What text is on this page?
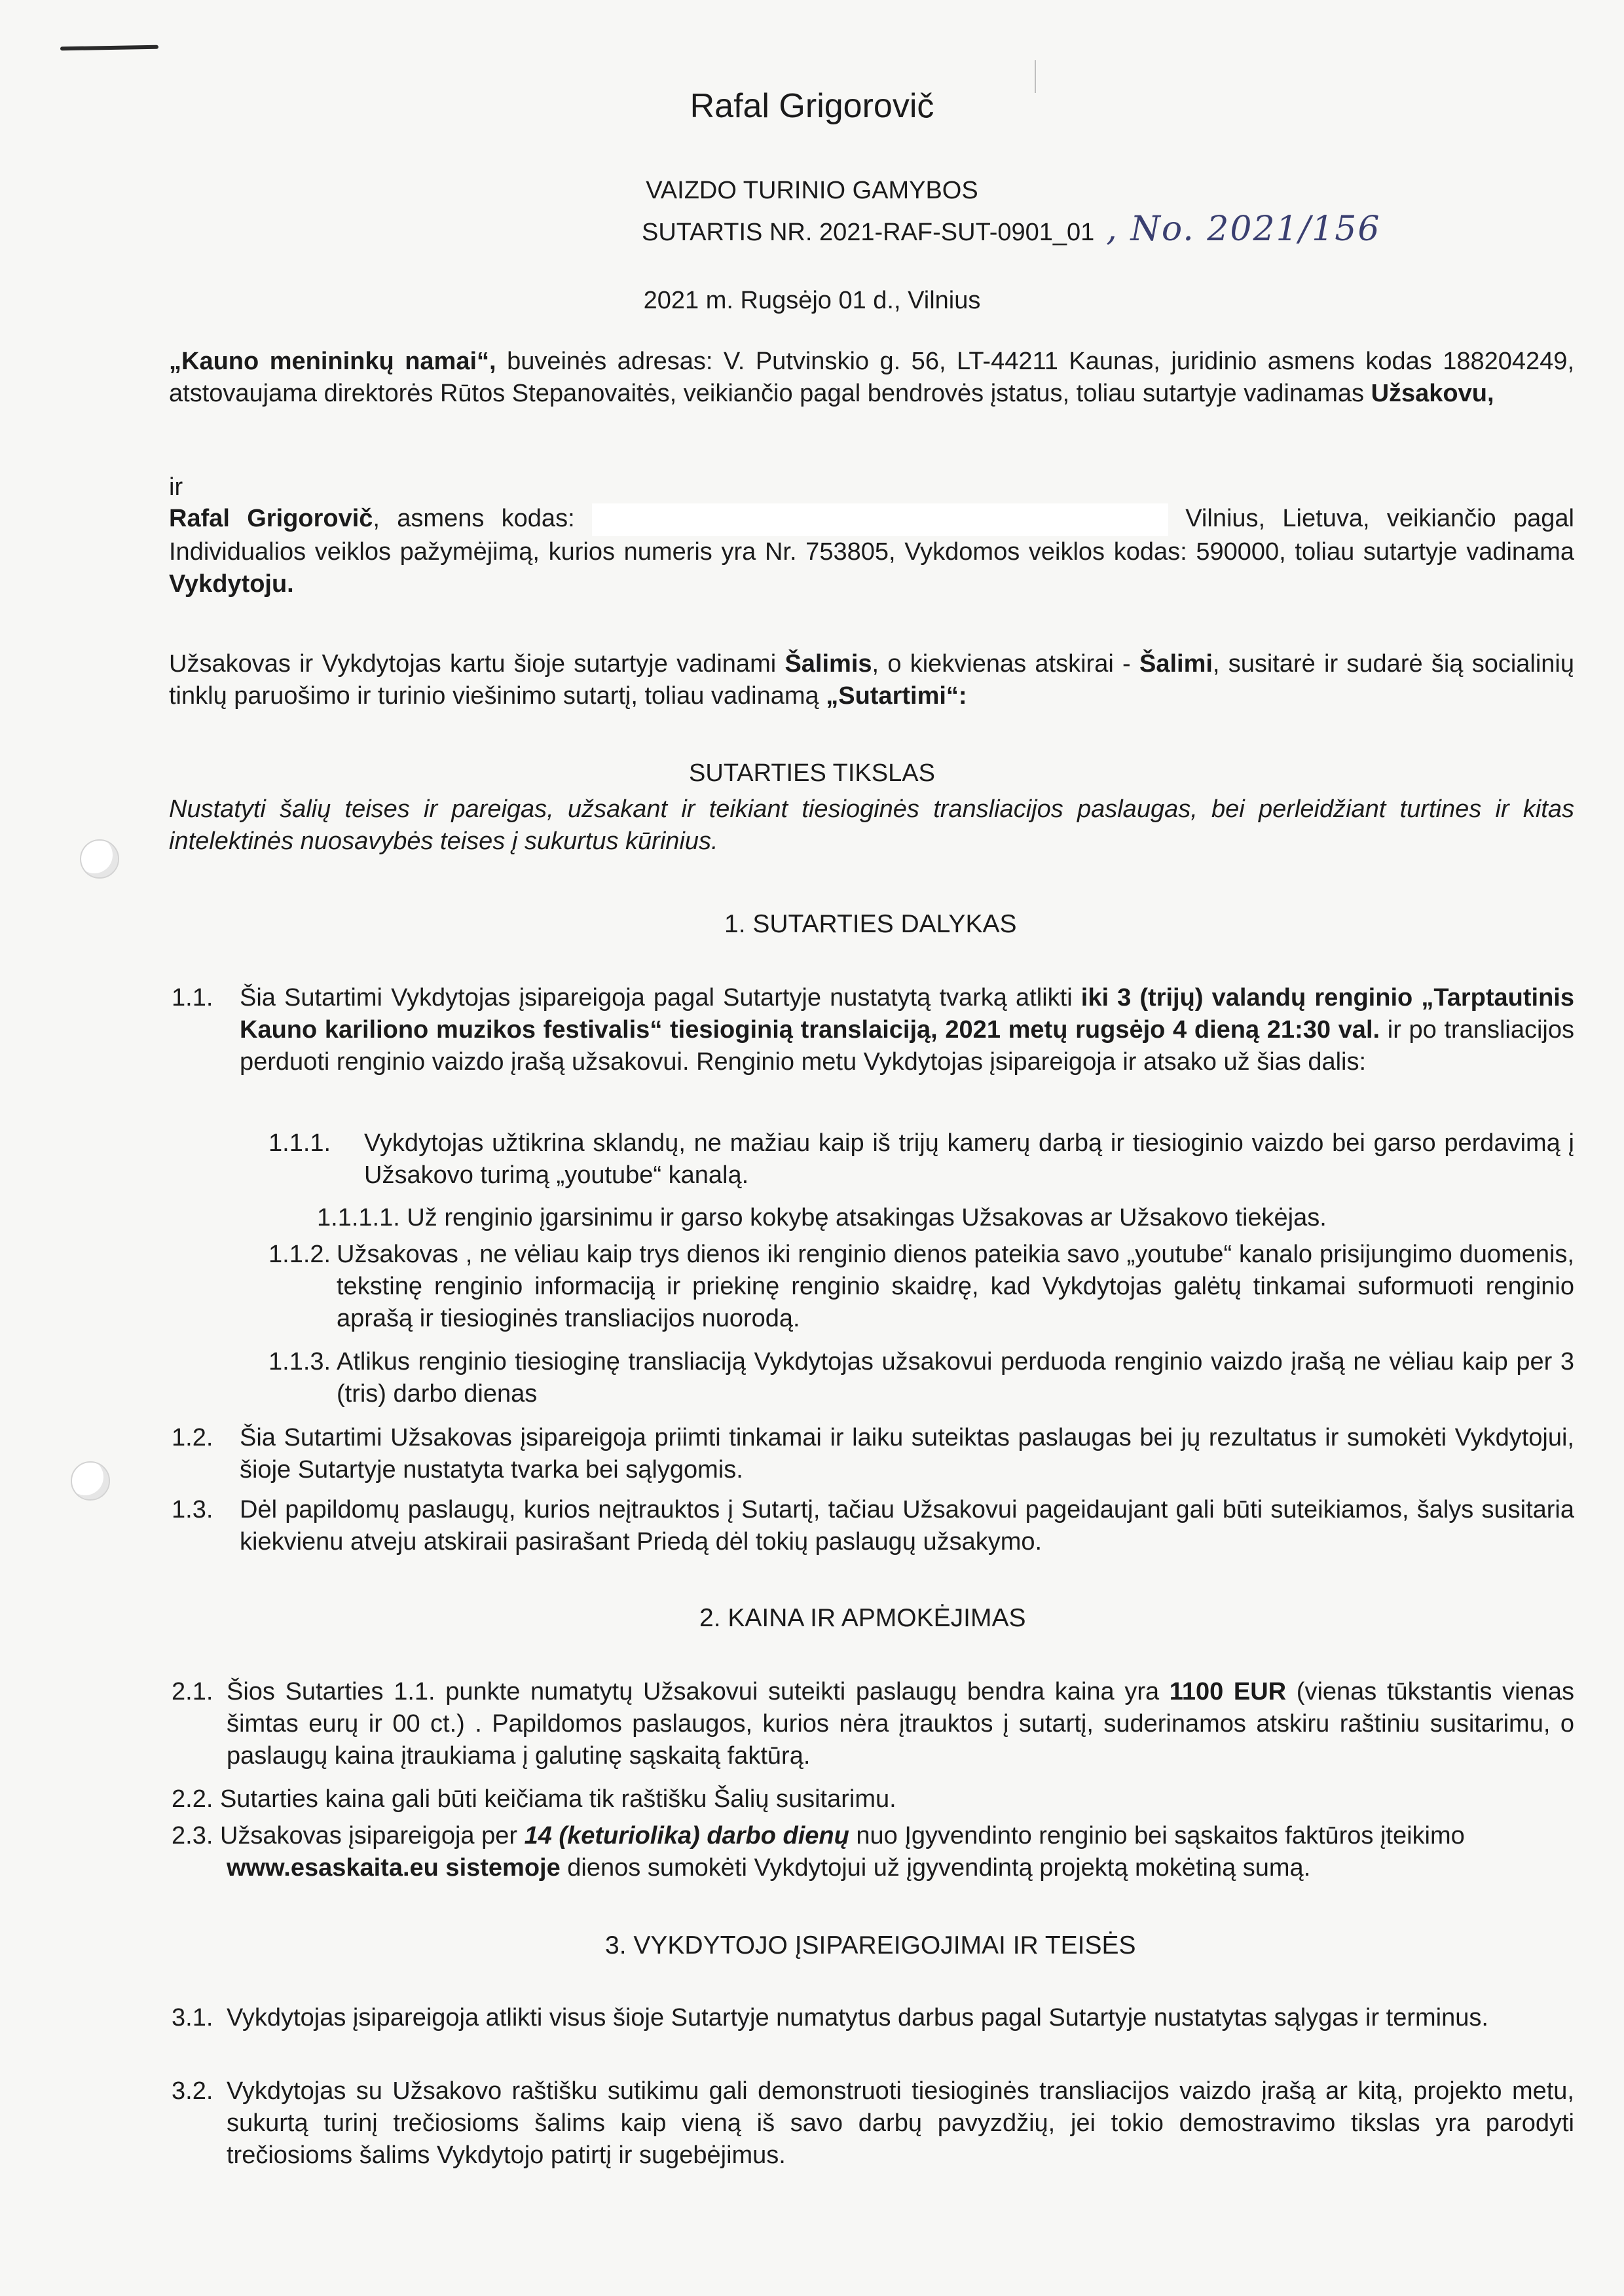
Rafal Grigorovič
VAIZDO TURINIO GAMYBOS
SUTARTIS NR. 2021-RAF-SUT-0901_01 , No. 2021/156
2021 m. Rugsėjo 01 d., Vilnius
„Kauno menininkų namai“, buveinės adresas: V. Putvinskio g. 56, LT-44211 Kaunas, juridinio asmens kodas 188204249, atstovaujama direktorės Rūtos Stepanovaitės, veikiančio pagal bendrovės įstatus, toliau sutartyje vadinamas Užsakovu,
ir
Rafal Grigorovič, asmens kodas:	Vilnius, Lietuva, veikiančio pagal Individualios veiklos pažymėjimą, kurios numeris yra Nr. 753805, Vykdomos veiklos kodas: 590000, toliau sutartyje vadinama Vykdytoju.
Užsakovas ir Vykdytojas kartu šioje sutartyje vadinami Šalimis, o kiekvienas atskirai - Šalimi, susitarė ir sudarė šią socialinių tinklų paruošimo ir turinio viešinimo sutartį, toliau vadinamą „Sutartimi“:
SUTARTIES TIKSLAS
Nustatyti šalių teises ir pareigas, užsakant ir teikiant tiesioginės transliacijos paslaugas, bei perleidžiant turtines ir kitas intelektinės nuosavybės teises į sukurtus kūrinius.
1. SUTARTIES DALYKAS
1.1. Šia Sutartimi Vykdytojas įsipareigoja pagal Sutartyje nustatytą tvarką atlikti iki 3 (trijų) valandų renginio „Tarptautinis Kauno kariliono muzikos festivalis“ tiesioginią translaiciją, 2021 metų rugsėjo 4 dieną 21:30 val. ir po transliacijos perduoti renginio vaizdo įrašą užsakovui. Renginio metu Vykdytojas įsipareigoja ir atsako už šias dalis:
1.1.1. Vykdytojas užtikrina sklandų, ne mažiau kaip iš trijų kamerų darbą ir tiesioginio vaizdo bei garso perdavimą į Užsakovo turimą „youtube“ kanalą.
1.1.1.1. Už renginio įgarsinimu ir garso kokybę atsakingas Užsakovas ar Užsakovo tiekėjas.
1.1.2. Užsakovas , ne vėliau kaip trys dienos iki renginio dienos pateikia savo „youtube“ kanalo prisijungimo duomenis, tekstinę renginio informaciją ir priekinę renginio skaidrę, kad Vykdytojas galėtų tinkamai suformuoti renginio aprašą ir tiesioginės transliacijos nuorodą.
1.1.3. Atlikus renginio tiesioginę transliaciją Vykdytojas užsakovui perduoda renginio vaizdo įrašą ne vėliau kaip per 3 (tris) darbo dienas
1.2. Šia Sutartimi Užsakovas įsipareigoja priimti tinkamai ir laiku suteiktas paslaugas bei jų rezultatus ir sumokėti Vykdytojui, šioje Sutartyje nustatyta tvarka bei sąlygomis.
1.3. Dėl papildomų paslaugų, kurios neįtrauktos į Sutartį, tačiau Užsakovui pageidaujant gali būti suteikiamos, šalys susitaria kiekvienu atveju atskiraii pasirašant Priedą dėl tokių paslaugų užsakymo.
2. KAINA IR APMOKĖJIMAS
2.1. Šios Sutarties 1.1. punkte numatytų Užsakovui suteikti paslaugų bendra kaina yra 1100 EUR (vienas tūkstantis vienas šimtas eurų ir 00 ct.) . Papildomos paslaugos, kurios nėra įtrauktos į sutartį, suderinamos atskiru raštiniu susitarimu, o paslaugų kaina įtraukiama į galutinę sąskaitą faktūrą.
2.2. Sutarties kaina gali būti keičiama tik raštišku Šalių susitarimu.
2.3. Užsakovas įsipareigoja per 14 (keturiolika) darbo dienų nuo Įgyvendinto renginio bei sąskaitos faktūros įteikimo
www.esaskaita.eu sistemoje dienos sumokėti Vykdytojui už įgyvendintą projektą mokėtiną sumą.
3. VYKDYTOJO ĮSIPAREIGOJIMAI IR TEISĖS
3.1. Vykdytojas įsipareigoja atlikti visus šioje Sutartyje numatytus darbus pagal Sutartyje nustatytas sąlygas ir terminus.
3.2. Vykdytojas su Užsakovo raštišku sutikimu gali demonstruoti tiesioginės transliacijos vaizdo įrašą ar kitą, projekto metu, sukurtą turinį trečiosioms šalims kaip vieną iš savo darbų pavyzdžių, jei tokio demostravimo tikslas yra parodyti trečiosioms šalims Vykdytojo patirtį ir sugebėjimus.
